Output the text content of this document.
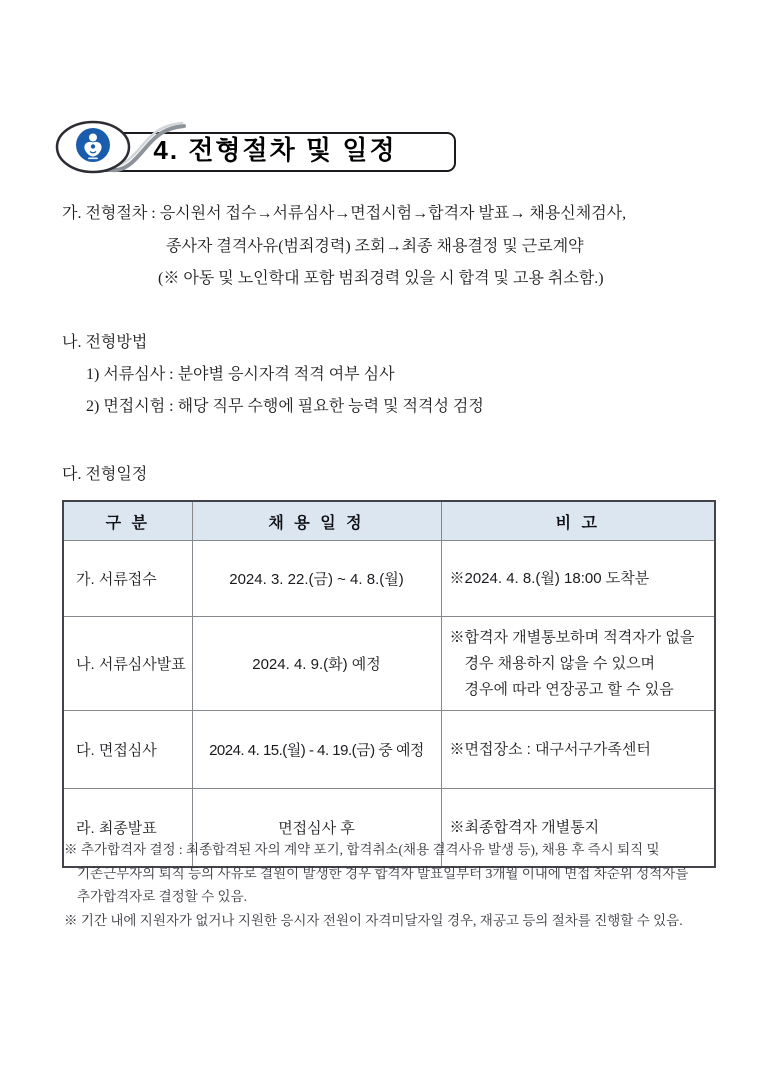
4. 전형절차 및 일정
가. 전형절차 : 응시원서 접수→서류심사→면접시험→합격자 발표→ 채용신체검사,
종사자 결격사유(범죄경력) 조회→최종 채용결정 및 근로계약
(※ 아동 및 노인학대 포함 범죄경력 있을 시 합격 및 고용 취소함.)
나. 전형방법
1) 서류심사 : 분야별 응시자격 적격 여부 심사
2) 면접시험 : 해당 직무 수행에 필요한 능력 및 적격성 검정
다. 전형일정
구 분	채 용 일 정	비 고
가. 서류접수	2024. 3. 22.(금) ~ 4. 8.(월)	※2024. 4. 8.(월) 18:00 도착분

나. 서류심사발표	2024. 4. 9.(화) 예정	※합격자 개별통보하며 적격자가 없을
경우 채용하지 않을 수 있으며
경우에 따라 연장공고 할 수 있음

다. 면접심사	2024. 4. 15.(월) - 4. 19.(금) 중 예정	※면접장소 : 대구서구가족센터

라. 최종발표	면접심사 후	※최종합격자 개별통지
※ 추가합격자 결정 : 최종합격된 자의 계약 포기, 합격취소(채용 결격사유 발생 등), 채용 후 즉시 퇴직 및
기존근무자의 퇴직 등의 사유로 결원이 발생한 경우 합격자 발표일부터 3개월 이내에 면접 차순위 성적자를
추가합격자로 결정할 수 있음.
※ 기간 내에 지원자가 없거나 지원한 응시자 전원이 자격미달자일 경우, 재공고 등의 절차를 진행할 수 있음.
